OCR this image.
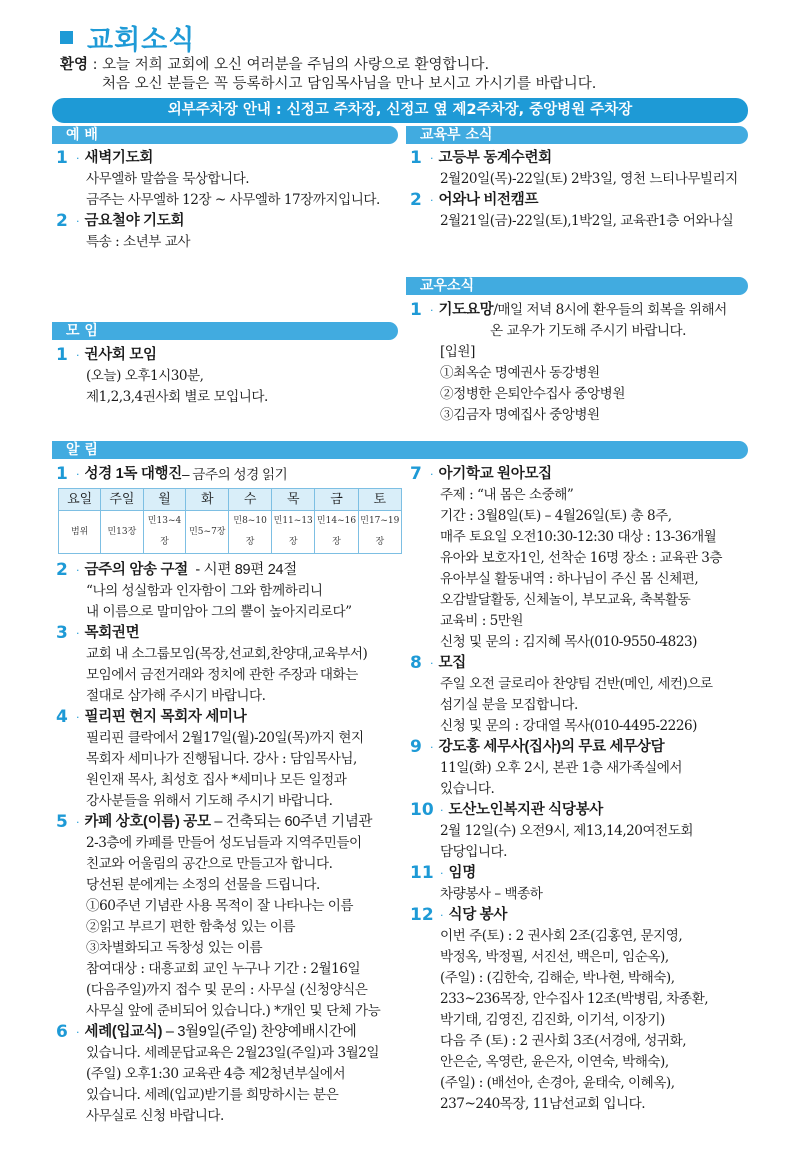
교회소식
환영 : 오늘 저희 교회에 오신 여러분을 주님의 사랑으로 환영합니다.
처음 오신 분들은 꼭 등록하시고 담임목사님을 만나 보시고 가시기를 바랍니다.
외부주차장 안내 : 신정고 주차장, 신정고 옆 제2주차장, 중앙병원 주차장
예 배	교육부 소식
교우소식
모 임
알 림
1 · 새벽기도회
사무엘하 말씀을 묵상합니다.
금주는 사무엘하 12장 ~ 사무엘하 17장까지입니다.
2 · 금요철야 기도회
특송 : 소년부 교사
1 · 고등부 동계수련회
2월20일(목)-22일(토) 2박3일, 영천 느티나무빌리지
2 · 어와나 비전캠프
2월21일(금)-22일(토),1박2일, 교육관1층 어와나실
1 · 기도요망 /매일 저녁 8시에 환우들의 회복을 위해서
온 교우가 기도해 주시기 바랍니다.
[입원]
①최옥순 명예권사 동강병원
②정병한 은퇴안수집사 중앙병원
③김금자 명예집사 중앙병원
1 · 권사회 모임
(오늘) 오후1시30분,
제1,2,3,4권사회 별로 모입니다.
1 · 성경 1독 대행진 – 금주의 성경 읽기
요일	주일	월	화	수	목	금	토
범위	민13장	민13~4장	민5~7장	민8~10장	민11~13장	민14~16장	민17~19장
2 · 금주의 암송 구절 - 시편 89편 24절
“나의 성실함과 인자함이 그와 함께하리니
내 이름으로 말미암아 그의 뿔이 높아지리로다”
3 · 목회권면
교회 내 소그룹모임(목장,선교회,찬양대,교육부서)
모임에서 금전거래와 정치에 관한 주장과 대화는
절대로 삼가해 주시기 바랍니다.
4 · 필리핀 현지 목회자 세미나
필리핀 클락에서 2월17일(월)-20일(목)까지 현지
목회자 세미나가 진행됩니다. 강사 : 담임목사님,
원인재 목사, 최성호 집사 *세미나 모든 일정과
강사분들을 위해서 기도해 주시기 바랍니다.
5 · 카페 상호(이름) 공모 – 건축되는 60주년 기념관
2-3층에 카페를 만들어 성도님들과 지역주민들이
친교와 어울림의 공간으로 만들고자 합니다.
당선된 분에게는 소정의 선물을 드립니다.
①60주년 기념관 사용 목적이 잘 나타나는 이름
②읽고 부르기 편한 함축성 있는 이름
③차별화되고 독창성 있는 이름
참여대상 : 대흥교회 교인 누구나 기간 : 2월16일
(다음주일)까지 접수 및 문의 : 사무실 (신청양식은
사무실 앞에 준비되어 있습니다.) *개인 및 단체 가능
6 · 세례(입교식) – 3월9일(주일) 찬양예배시간에
있습니다. 세례문답교육은 2월23일(주일)과 3월2일
(주일) 오후1:30 교육관 4층 제2청년부실에서
있습니다. 세례(입교)받기를 희망하시는 분은
사무실로 신청 바랍니다.
7 · 아기학교 원아모집
주제 : “내 몸은 소중해”
기간 : 3월8일(토) – 4월26일(토) 총 8주,
매주 토요일 오전10:30-12:30 대상 : 13-36개월
유아와 보호자1인, 선착순 16명 장소 : 교육관 3층
유아부실 활동내역 : 하나님이 주신 몸 신체편,
오감발달활동, 신체놀이, 부모교육, 축복활동
교육비 : 5만원
신청 및 문의 : 김지혜 목사(010-9550-4823)
8 · 모집
주일 오전 글로리아 찬양팀 건반(메인, 세컨)으로
섬기실 분을 모집합니다.
신청 및 문의 : 강대열 목사(010-4495-2226)
9 · 강도홍 세무사(집사)의 무료 세무상담
11일(화) 오후 2시, 본관 1층 새가족실에서
있습니다.
10 · 도산노인복지관 식당봉사
2월 12일(수) 오전9시, 제13,14,20여전도회
담당입니다.
11 · 임명
차량봉사 – 백종하
12 · 식당 봉사
이번 주(토) : 2 권사회 2조(김홍연, 문지영,
박정옥, 박정필, 서진선, 백은미, 임순옥),
(주일) : (김한숙, 김해순, 박나현, 박해숙),
233~236목장, 안수집사 12조(박병림, 차종환,
박기태, 김영진, 김진화, 이기석, 이장기)
다음 주 (토) : 2 권사회 3조(서경애, 성귀화,
안은순, 옥영란, 윤은자, 이연숙, 박해숙),
(주일) : (배선아, 손경아, 윤태숙, 이혜옥),
237~240목장, 11남선교회 입니다.
